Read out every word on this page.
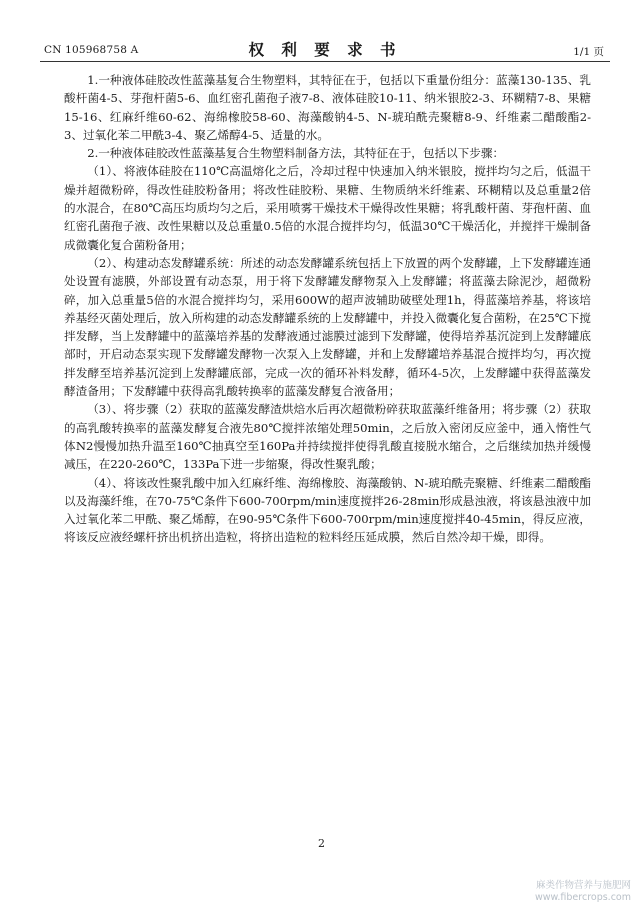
CN 105968758 A	权 利 要 求 书	1/1 页

1.一种液体硅胶改性蓝藻基复合生物塑料，其特征在于，包括以下重量份组分：蓝藻130-135、乳酸杆菌4-5、芽孢杆菌5-6、血红密孔菌孢子液7-8、液体硅胶10-11、纳米银胶2-3、环糊精7-8、果糖15-16、红麻纤维60-62、海绵橡胶58-60、海藻酸钠4-5、N-琥珀酰壳聚糖8-9、纤维素二醋酸酯2-3、过氧化苯二甲酰3-4、聚乙烯醇4-5、适量的水。

2.一种液体硅胶改性蓝藻基复合生物塑料制备方法，其特征在于，包括以下步骤：

（1）、将液体硅胶在110℃高温熔化之后，冷却过程中快速加入纳米银胶，搅拌均匀之后，低温干燥并超微粉碎，得改性硅胶粉备用；将改性硅胶粉、果糖、生物质纳米纤维素、环糊精以及总重量2倍的水混合，在80℃高压均质均匀之后，采用喷雾干燥技术干燥得改性果糖；将乳酸杆菌、芽孢杆菌、血红密孔菌孢子液、改性果糖以及总重量0.5倍的水混合搅拌均匀，低温30℃干燥活化，并搅拌干燥制备成微囊化复合菌粉备用；

（2）、构建动态发酵罐系统：所述的动态发酵罐系统包括上下放置的两个发酵罐，上下发酵罐连通处设置有滤膜，外部设置有动态泵，用于将下发酵罐发酵物泵入上发酵罐；将蓝藻去除泥沙，超微粉碎，加入总重量5倍的水混合搅拌均匀，采用600W的超声波辅助破壁处理1h，得蓝藻培养基，将该培养基经灭菌处理后，放入所构建的动态发酵罐系统的上发酵罐中，并投入微囊化复合菌粉，在25℃下搅拌发酵，当上发酵罐中的蓝藻培养基的发酵液通过滤膜过滤到下发酵罐，使得培养基沉淀到上发酵罐底部时，开启动态泵实现下发酵罐发酵物一次泵入上发酵罐，并和上发酵罐培养基混合搅拌均匀，再次搅拌发酵至培养基沉淀到上发酵罐底部，完成一次的循环补料发酵，循环4-5次，上发酵罐中获得蓝藻发酵渣备用；下发酵罐中获得高乳酸转换率的蓝藻发酵复合液备用；

（3）、将步骤（2）获取的蓝藻发酵渣烘焙水后再次超微粉碎获取蓝藻纤维备用；将步骤（2）获取的高乳酸转换率的蓝藻发酵复合液先80℃搅拌浓缩处理50min，之后放入密闭反应釜中，通入惰性气体N2慢慢加热升温至160℃抽真空至160Pa并持续搅拌使得乳酸直接脱水缩合，之后继续加热并缓慢减压，在220-260℃，133Pa下进一步缩聚，得改性聚乳酸；

（4）、将该改性聚乳酸中加入红麻纤维、海绵橡胶、海藻酸钠、N-琥珀酰壳聚糖、纤维素二醋酸酯以及海藻纤维，在70-75℃条件下600-700rpm/min速度搅拌26-28min形成悬浊液，将该悬浊液中加入过氧化苯二甲酰、聚乙烯醇，在90-95℃条件下600-700rpm/min速度搅拌40-45min，得反应液，将该反应液经螺杆挤出机挤出造粒，将挤出造粒的粒料经压延成膜，然后自然冷却干燥，即得。

2
麻类作物营养与施肥网
www.fibercrops.com
